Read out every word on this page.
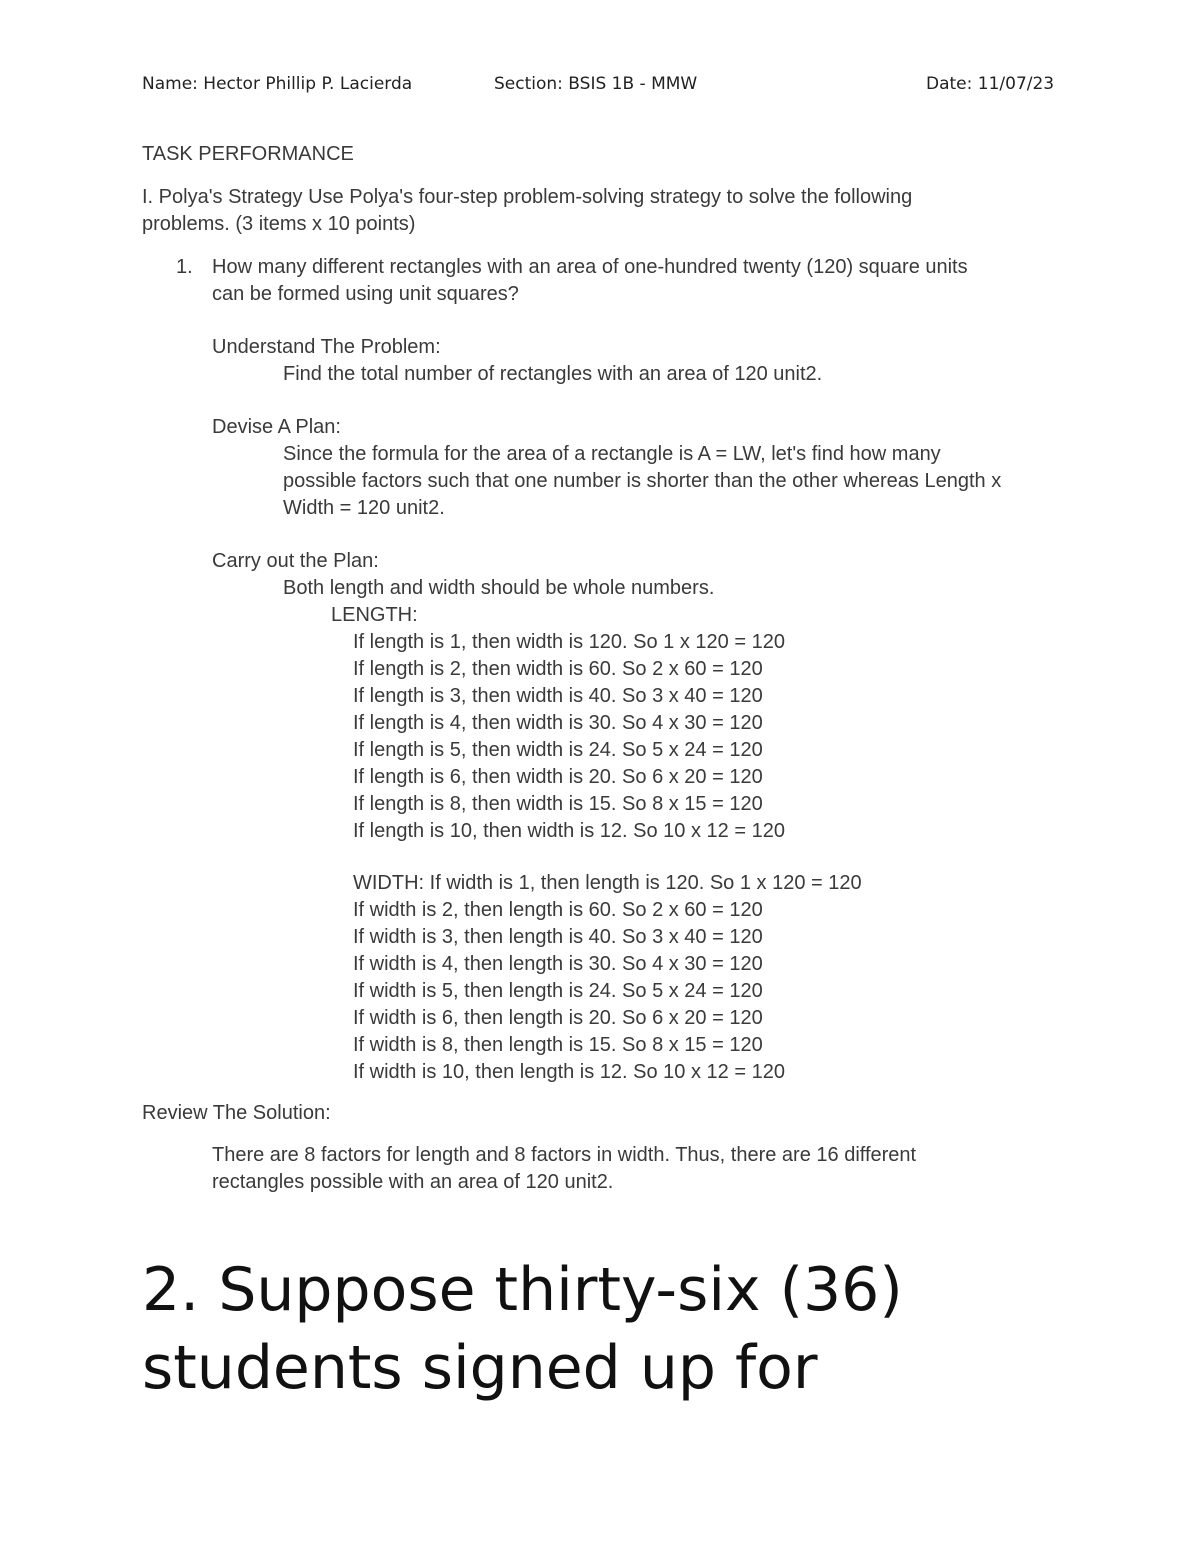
Name: Hector Phillip P. Lacierda	Section: BSIS 1B - MMW	Date: 11/07/23
TASK PERFORMANCE
I. Polya's Strategy Use Polya's four-step problem-solving strategy to solve the following
problems. (3 items x 10 points)
1. How many different rectangles with an area of one-hundred twenty (120) square units
can be formed using unit squares?
Understand The Problem:
Find the total number of rectangles with an area of 120 unit2.
Devise A Plan:
Since the formula for the area of a rectangle is A = LW, let's find how many
possible factors such that one number is shorter than the other whereas Length x
Width = 120 unit2.
Carry out the Plan:
Both length and width should be whole numbers.
LENGTH:
If length is 1, then width is 120. So 1 x 120 = 120
If length is 2, then width is 60. So 2 x 60 = 120
If length is 3, then width is 40. So 3 x 40 = 120
If length is 4, then width is 30. So 4 x 30 = 120
If length is 5, then width is 24. So 5 x 24 = 120
If length is 6, then width is 20. So 6 x 20 = 120
If length is 8, then width is 15. So 8 x 15 = 120
If length is 10, then width is 12. So 10 x 12 = 120
WIDTH: If width is 1, then length is 120. So 1 x 120 = 120
If width is 2, then length is 60. So 2 x 60 = 120
If width is 3, then length is 40. So 3 x 40 = 120
If width is 4, then length is 30. So 4 x 30 = 120
If width is 5, then length is 24. So 5 x 24 = 120
If width is 6, then length is 20. So 6 x 20 = 120
If width is 8, then length is 15. So 8 x 15 = 120
If width is 10, then length is 12. So 10 x 12 = 120
Review The Solution:
There are 8 factors for length and 8 factors in width. Thus, there are 16 different
rectangles possible with an area of 120 unit2.
2. Suppose thirty-six (36)
students signed up for
